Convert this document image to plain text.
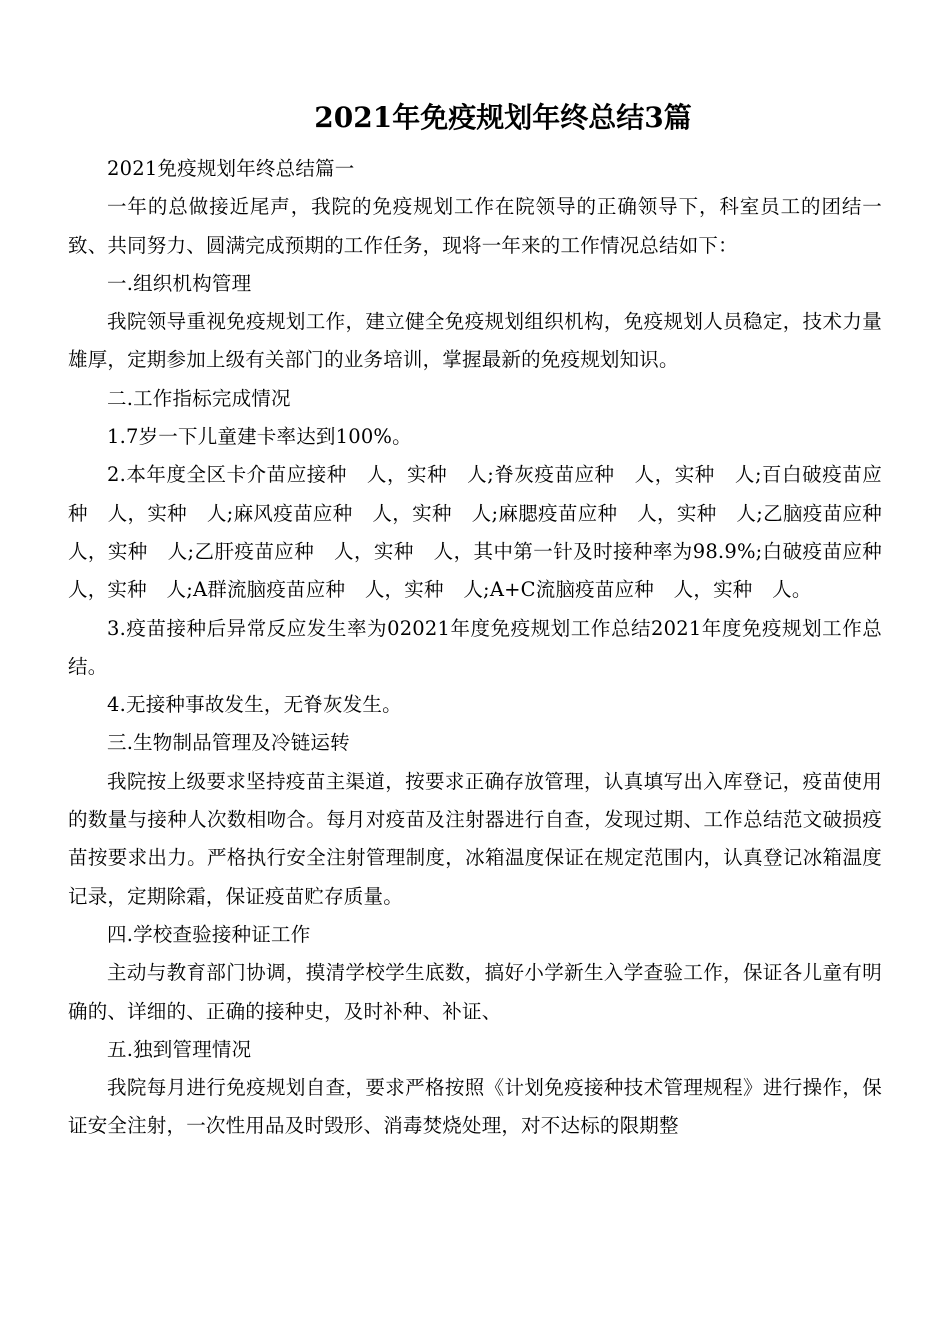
2021年免疫规划年终总结3篇

2021免疫规划年终总结篇一

一年的总做接近尾声，我院的免疫规划工作在院领导的正确领导下，科室员工的团结一致、共同努力、圆满完成预期的工作任务，现将一年来的工作情况总结如下：

一.组织机构管理

我院领导重视免疫规划工作，建立健全免疫规划组织机构，免疫规划人员稳定，技术力量雄厚，定期参加上级有关部门的业务培训，掌握最新的免疫规划知识。

二.工作指标完成情况

1.7岁一下儿童建卡率达到100%。

2.本年度全区卡介苗应接种　人，实种　人;脊灰疫苗应种　人，实种　人;百白破疫苗应种　人，实种　人;麻风疫苗应种　人，实种　人;麻腮疫苗应种　人，实种　人;乙脑疫苗应种　人，实种　人;乙肝疫苗应种　人，实种　人，其中第一针及时接种率为98.9%;白破疫苗应种　人，实种　人;A群流脑疫苗应种　人，实种　人;A+C流脑疫苗应种　人，实种　人。

3.疫苗接种后异常反应发生率为02021年度免疫规划工作总结2021年度免疫规划工作总结。

4.无接种事故发生，无脊灰发生。

三.生物制品管理及冷链运转

我院按上级要求坚持疫苗主渠道，按要求正确存放管理，认真填写出入库登记，疫苗使用的数量与接种人次数相吻合。每月对疫苗及注射器进行自查，发现过期、工作总结范文破损疫苗按要求出力。严格执行安全注射管理制度，冰箱温度保证在规定范围内，认真登记冰箱温度记录，定期除霜，保证疫苗贮存质量。

四.学校查验接种证工作

主动与教育部门协调，摸清学校学生底数，搞好小学新生入学查验工作，保证各儿童有明确的、详细的、正确的接种史，及时补种、补证、

五.独到管理情况

我院每月进行免疫规划自查，要求严格按照《计划免疫接种技术管理规程》进行操作，保证安全注射，一次性用品及时毁形、消毒焚烧处理，对不达标的限期整
